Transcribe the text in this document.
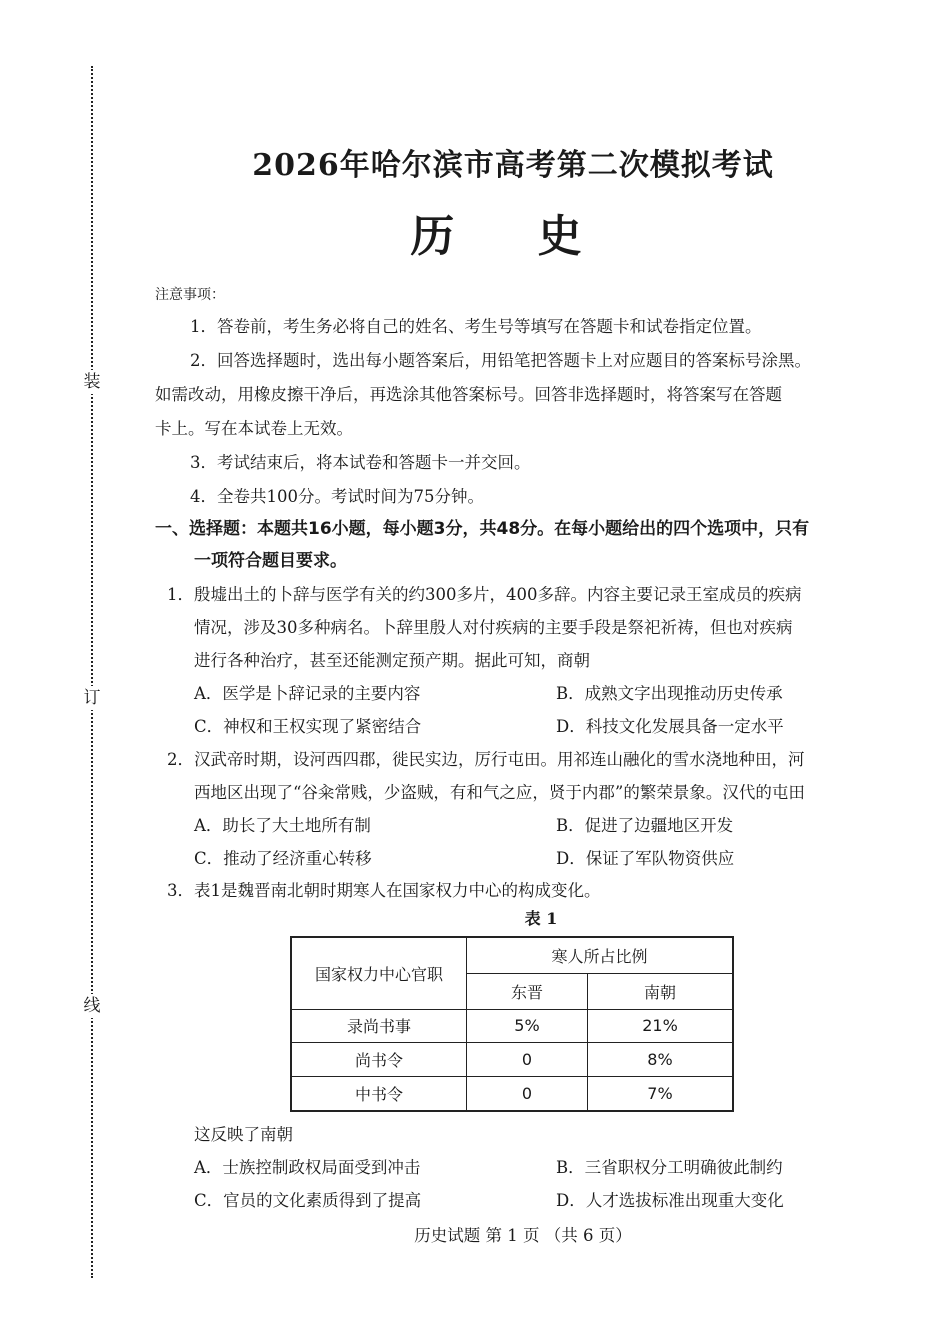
装
订
线
2026年哈尔滨市高考第二次模拟考试
历 史
注意事项：
1．答卷前，考生务必将自己的姓名、考生号等填写在答题卡和试卷指定位置。
2．回答选择题时，选出每小题答案后，用铅笔把答题卡上对应题目的答案标号涂黑。
如需改动，用橡皮擦干净后，再选涂其他答案标号。回答非选择题时，将答案写在答题
卡上。写在本试卷上无效。
3．考试结束后，将本试卷和答题卡一并交回。
4．全卷共100分。考试时间为75分钟。
一、选择题：本题共16小题，每小题3分，共48分。在每小题给出的四个选项中，只有
一项符合题目要求。
1．殷墟出土的卜辞与医学有关的约300多片，400多辞。内容主要记录王室成员的疾病
情况，涉及30多种病名。卜辞里殷人对付疾病的主要手段是祭祀祈祷，但也对疾病
进行各种治疗，甚至还能测定预产期。据此可知，商朝
A．医学是卜辞记录的主要内容	B．成熟文字出现推动历史传承
C．神权和王权实现了紧密结合	D．科技文化发展具备一定水平
2．汉武帝时期，设河西四郡，徙民实边，厉行屯田。用祁连山融化的雪水浇地种田，河
西地区出现了“谷籴常贱，少盗贼，有和气之应，贤于内郡”的繁荣景象。汉代的屯田
A．助长了大土地所有制	B．促进了边疆地区开发
C．推动了经济重心转移	D．保证了军队物资供应
3．表1是魏晋南北朝时期寒人在国家权力中心的构成变化。
表 1
国家权力中心官职	寒人所占比例	
	东晋	南朝
录尚书事	5%	21%
尚书令	0	8%
中书令	0	7%
这反映了南朝
A．士族控制政权局面受到冲击	B．三省职权分工明确彼此制约
C．官员的文化素质得到了提高	D．人才选拔标准出现重大变化
历史试题 第 1 页 （共 6 页）
